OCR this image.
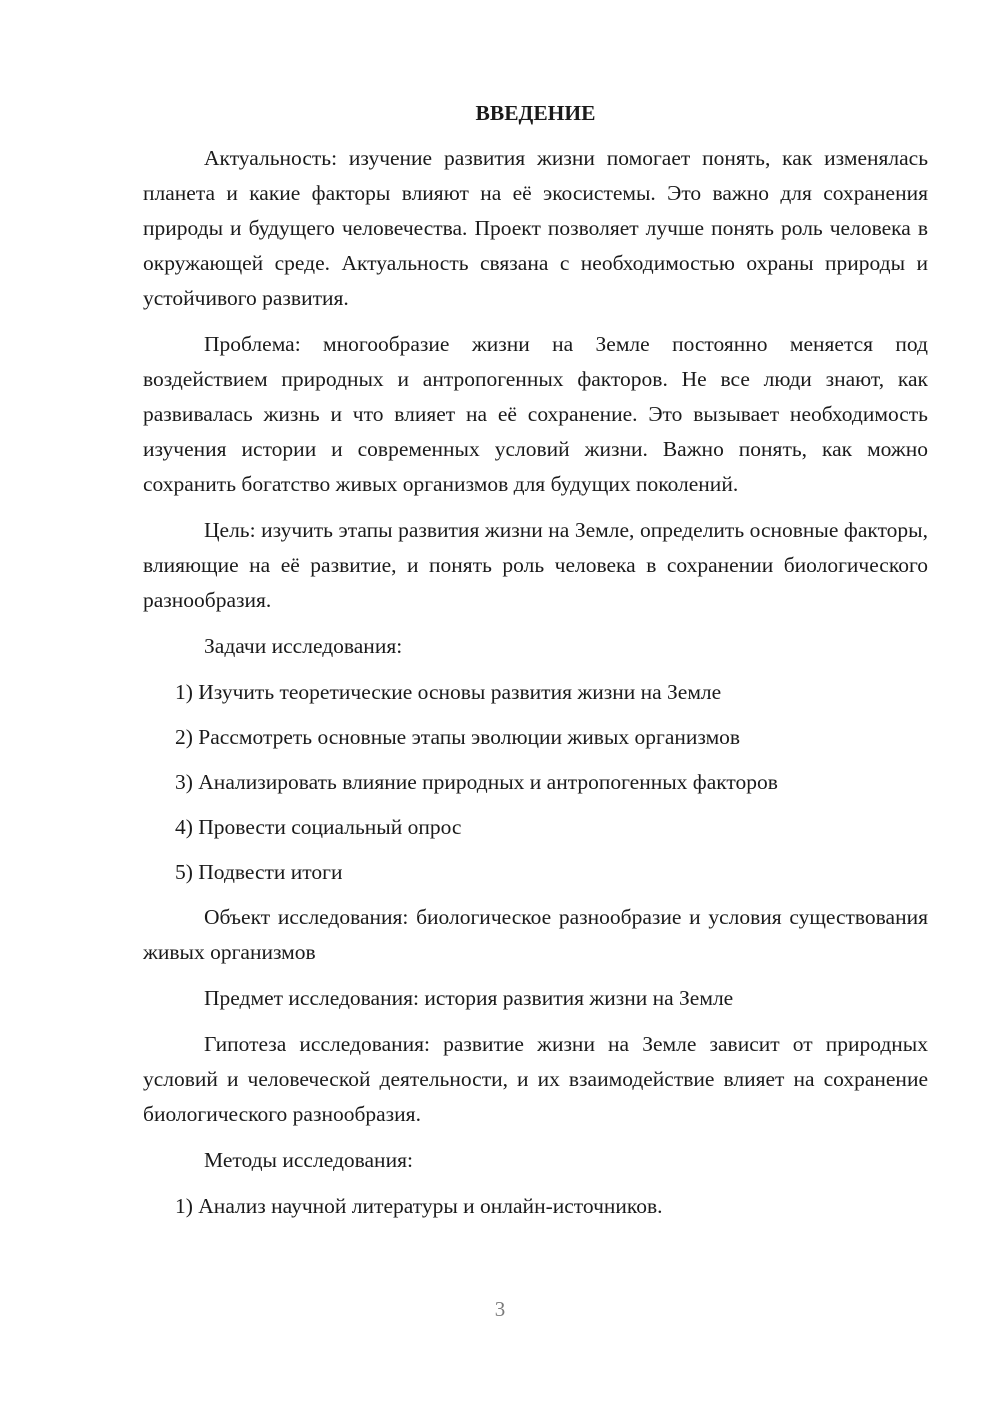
ВВЕДЕНИЕ

Актуальность: изучение развития жизни помогает понять, как изменялась планета и какие факторы влияют на её экосистемы. Это важно для сохранения природы и будущего человечества. Проект позволяет лучше понять роль человека в окружающей среде. Актуальность связана с необходимостью охраны природы и устойчивого развития.

Проблема: многообразие жизни на Земле постоянно меняется под воздействием природных и антропогенных факторов. Не все люди знают, как развивалась жизнь и что влияет на её сохранение. Это вызывает необходимость изучения истории и современных условий жизни. Важно понять, как можно сохранить богатство живых организмов для будущих поколений.

Цель: изучить этапы развития жизни на Земле, определить основные факторы, влияющие на её развитие, и понять роль человека в сохранении биологического разнообразия.

Задачи исследования:

1) Изучить теоретические основы развития жизни на Земле
2) Рассмотреть основные этапы эволюции живых организмов
3) Анализировать влияние природных и антропогенных факторов
4) Провести социальный опрос
5) Подвести итоги

Объект исследования: биологическое разнообразие и условия существования живых организмов

Предмет исследования: история развития жизни на Земле

Гипотеза исследования: развитие жизни на Земле зависит от природных условий и человеческой деятельности, и их взаимодействие влияет на сохранение биологического разнообразия.

Методы исследования:

1) Анализ научной литературы и онлайн-источников.
3
